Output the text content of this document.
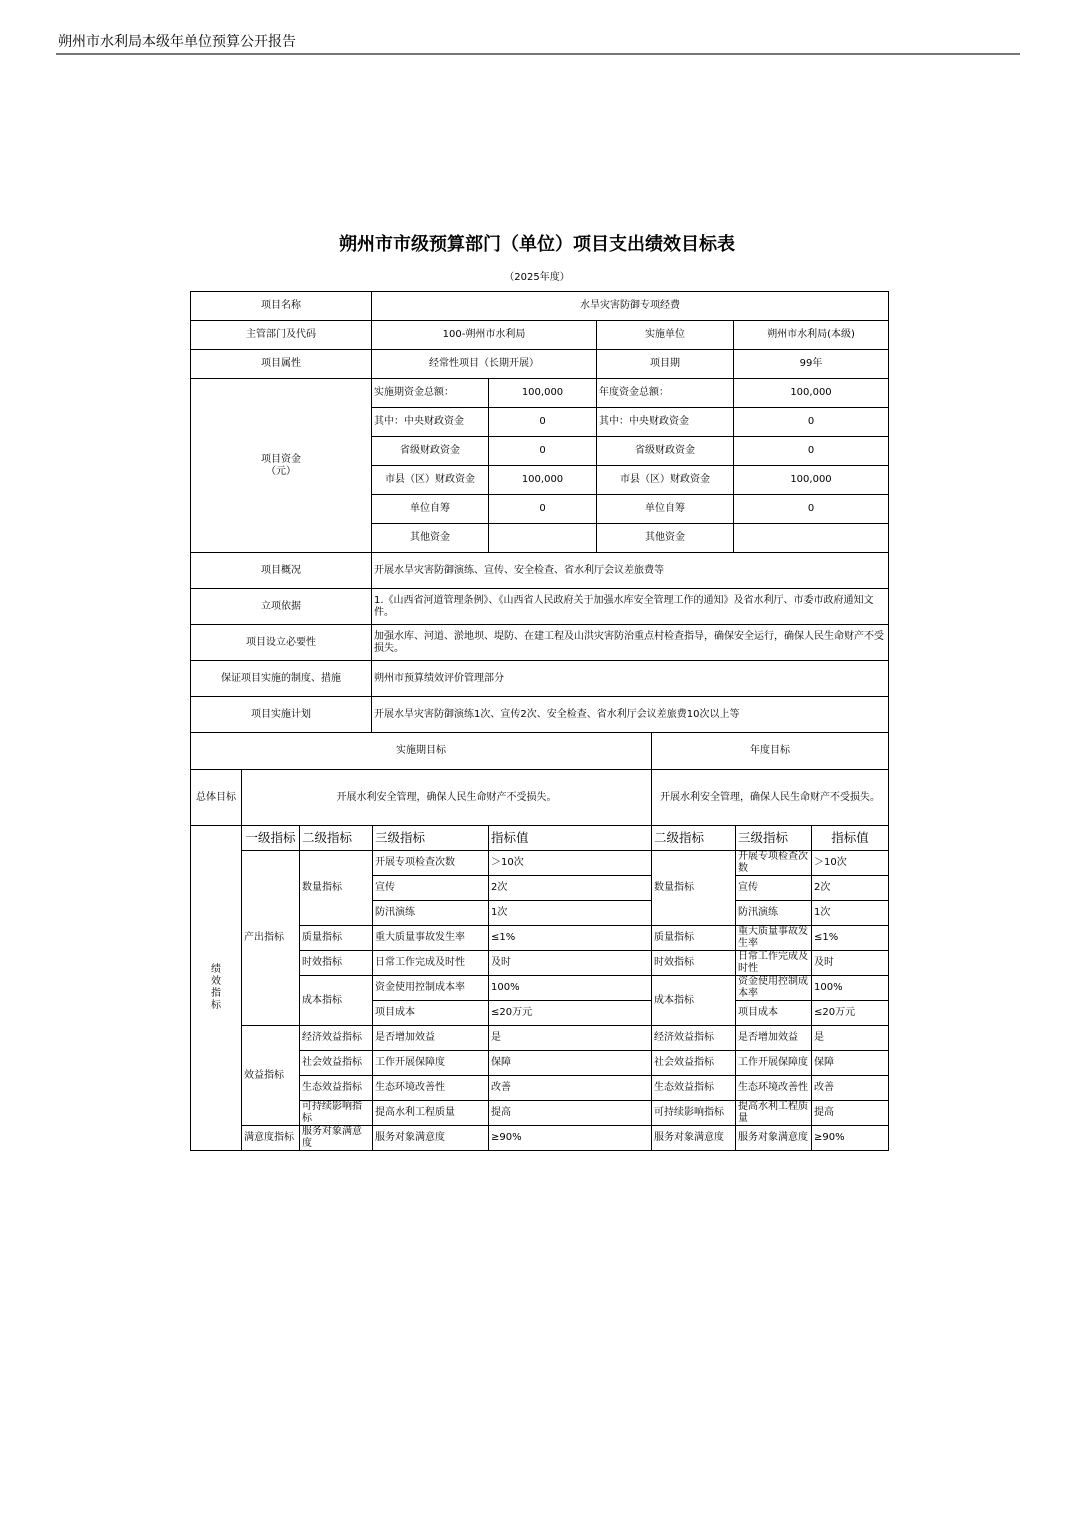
朔州市水利局本级年单位预算公开报告
朔州市市级预算部门（单位）项目支出绩效目标表
（2025年度）
项目名称	水旱灾害防御专项经费			
主管部门及代码	100-朔州市水利局		实施单位	朔州市水利局(本级)
项目属性	经常性项目（长期开展）		项目期	99年
项目资金
（元）	实施期资金总额：	100,000	年度资金总额：	100,000
	其中：中央财政资金	0	其中：中央财政资金	0
	省级财政资金	0	省级财政资金	0
	市县（区）财政资金	100,000	市县（区）财政资金	100,000
	单位自筹	0	单位自筹	0
	其他资金		其他资金	
项目概况	开展水旱灾害防御演练、宣传、安全检查、省水利厅会议差旅费等			
立项依据	1.《山西省河道管理条例》、《山西省人民政府关于加强水库安全管理工作的通知》及省水利厅、市委市政府通知文件。			
项目设立必要性	加强水库、河道、淤地坝、堤防、在建工程及山洪灾害防治重点村检查指导，确保安全运行，确保人民生命财产不受损失。			
保证项目实施的制度、措施	朔州市预算绩效评价管理部分			
项目实施计划	开展水旱灾害防御演练1次、宣传2次、安全检查、省水利厅会议差旅费10次以上等			
实施期目标					年度目标		
总体目标	开展水利安全管理，确保人民生命财产不受损失。				开展水利安全管理，确保人民生命财产不受损失。		
绩
效
指
标	一级指标	二级指标	三级指标	指标值	二级指标	三级指标	指标值
	产出指标	数量指标	开展专项检查次数	＞10次	数量指标	开展专项检查次数	＞10次
			宣传	2次		宣传	2次
			防汛演练	1次		防汛演练	1次
		质量指标	重大质量事故发生率	≤1%	质量指标	重大质量事故发生率	≤1%
		时效指标	日常工作完成及时性	及时	时效指标	日常工作完成及时性	及时
		成本指标	资金使用控制成本率	100%	成本指标	资金使用控制成本率	100%
			项目成本	≤20万元		项目成本	≤20万元
	效益指标	经济效益指标	是否增加效益	是	经济效益指标	是否增加效益	是
		社会效益指标	工作开展保障度	保障	社会效益指标	工作开展保障度	保障
		生态效益指标	生态环境改善性	改善	生态效益指标	生态环境改善性	改善
		可持续影响指标	提高水利工程质量	提高	可持续影响指标	提高水利工程质量	提高
	满意度指标	服务对象满意度	服务对象满意度	≥90%	服务对象满意度	服务对象满意度	≥90%
